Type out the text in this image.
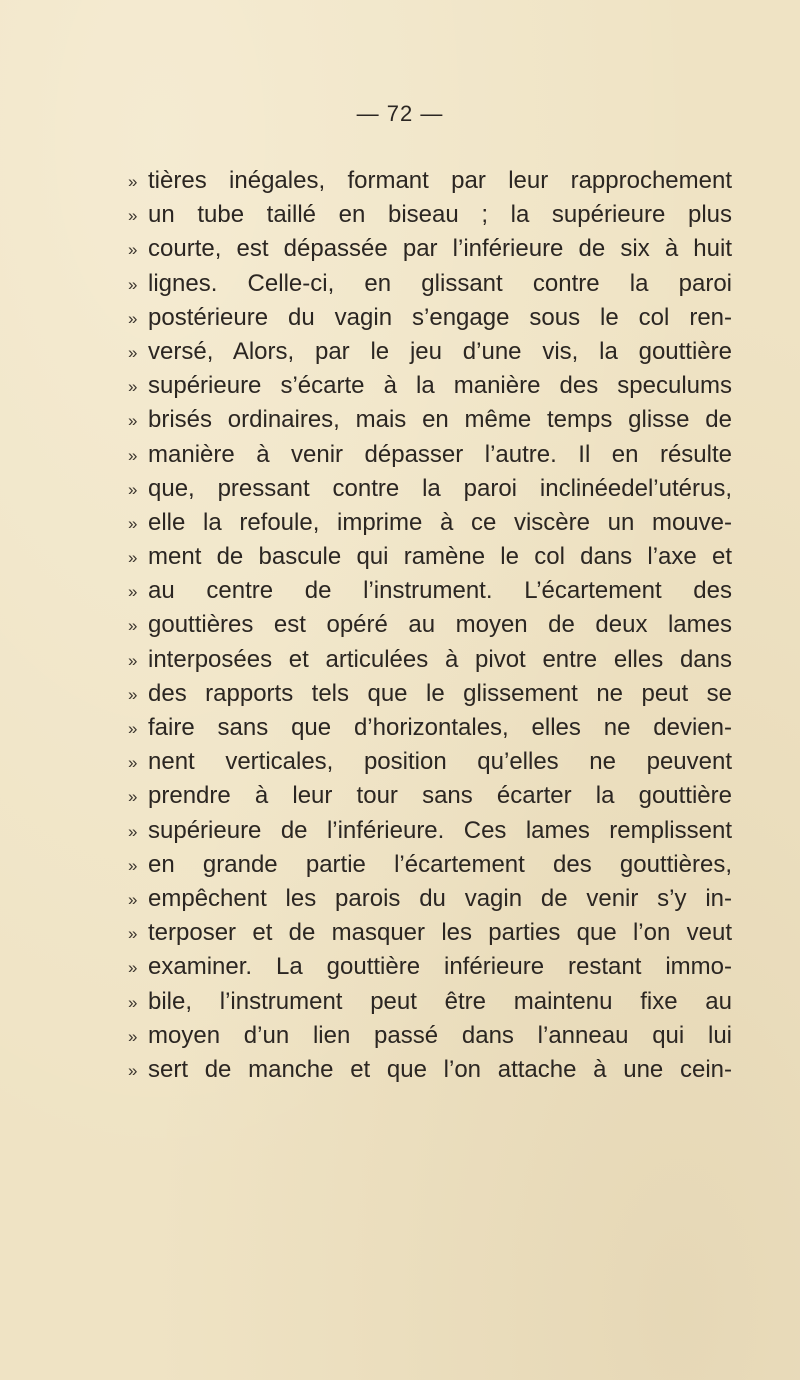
— 72 —
» tières inégales, formant par leur rapprochement
» un tube taillé en biseau ; la supérieure plus
» courte, est dépassée par l’inférieure de six à huit
» lignes. Celle-ci, en glissant contre la paroi
» postérieure du vagin s’engage sous le col ren-
» versé, Alors, par le jeu d’une vis, la gouttière
» supérieure s’écarte à la manière des speculums
» brisés ordinaires, mais en même temps glisse de
» manière à venir dépasser l’autre. Il en résulte
» que, pressant contre la paroi inclinéedel’utérus,
» elle la refoule, imprime à ce viscère un mouve-
» ment de bascule qui ramène le col dans l’axe et
» au centre de l’instrument. L’écartement des
» gouttières est opéré au moyen de deux lames
» interposées et articulées à pivot entre elles dans
» des rapports tels que le glissement ne peut se
» faire sans que d’horizontales, elles ne devien-
» nent verticales, position qu’elles ne peuvent
» prendre à leur tour sans écarter la gouttière
» supérieure de l’inférieure. Ces lames remplissent
» en grande partie l’écartement des gouttières,
» empêchent les parois du vagin de venir s’y in-
» terposer et de masquer les parties que l’on veut
» examiner. La gouttière inférieure restant immo-
» bile, l’instrument peut être maintenu fixe au
» moyen d’un lien passé dans l’anneau qui lui
» sert de manche et que l’on attache à une cein-
